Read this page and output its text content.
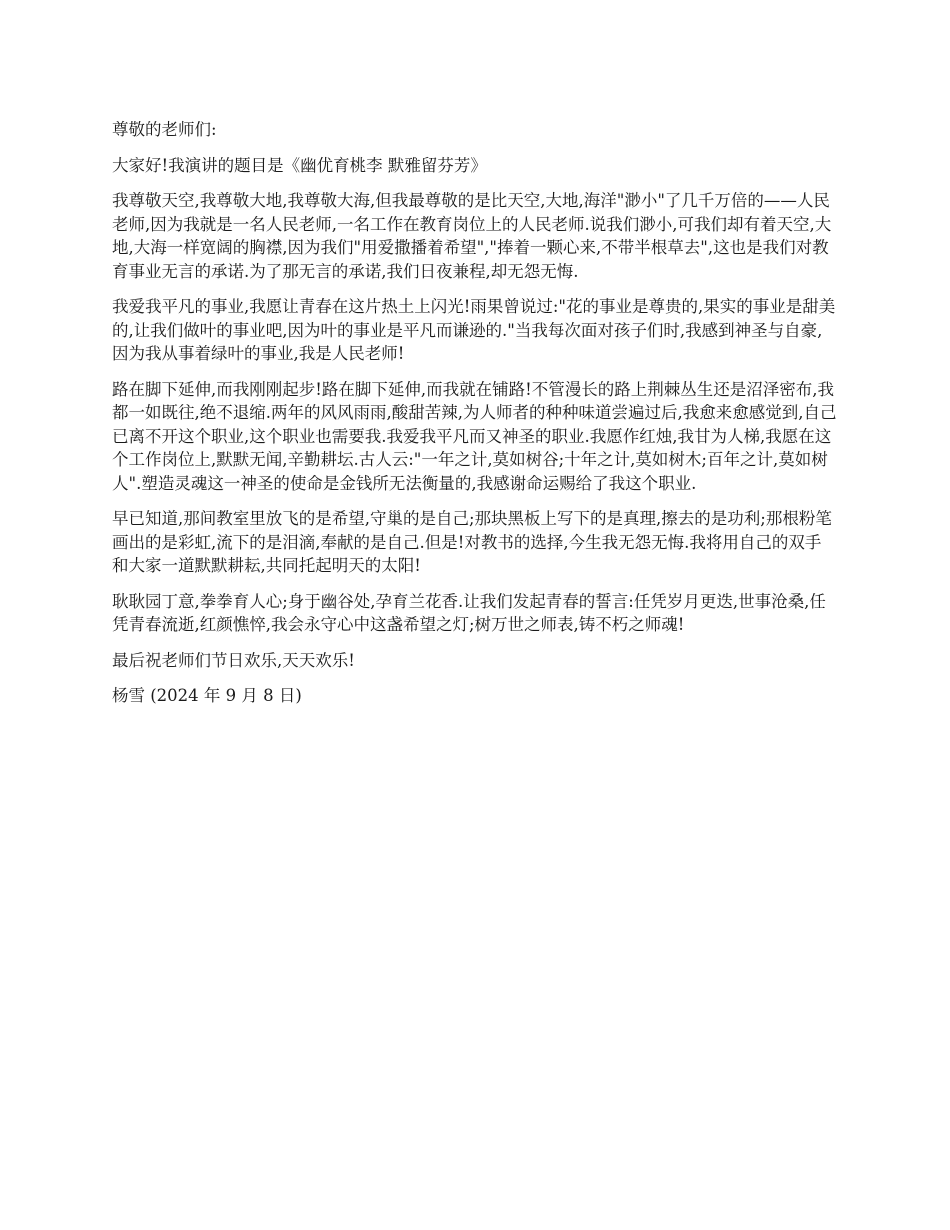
尊敬的老师们:

大家好!我演讲的题目是《幽优育桃李 默雅留芬芳》

我尊敬天空,我尊敬大地,我尊敬大海,但我最尊敬的是比天空,大地,海洋"渺小"了几千万倍的——人民老师,因为我就是一名人民老师,一名工作在教育岗位上的人民老师.说我们渺小,可我们却有着天空,大地,大海一样宽阔的胸襟,因为我们"用爱撒播着希望","捧着一颗心来,不带半根草去",这也是我们对教育事业无言的承诺.为了那无言的承诺,我们日夜兼程,却无怨无悔.

我爱我平凡的事业,我愿让青春在这片热土上闪光!雨果曾说过:"花的事业是尊贵的,果实的事业是甜美的,让我们做叶的事业吧,因为叶的事业是平凡而谦逊的."当我每次面对孩子们时,我感到神圣与自豪,因为我从事着绿叶的事业,我是人民老师!

路在脚下延伸,而我刚刚起步!路在脚下延伸,而我就在铺路!不管漫长的路上荆棘丛生还是沼泽密布,我都一如既往,绝不退缩.两年的风风雨雨,酸甜苦辣,为人师者的种种味道尝遍过后,我愈来愈感觉到,自己已离不开这个职业,这个职业也需要我.我爱我平凡而又神圣的职业.我愿作红烛,我甘为人梯,我愿在这个工作岗位上,默默无闻,辛勤耕坛.古人云:"一年之计,莫如树谷;十年之计,莫如树木;百年之计,莫如树人".塑造灵魂这一神圣的使命是金钱所无法衡量的,我感谢命运赐给了我这个职业.

早已知道,那间教室里放飞的是希望,守巢的是自己;那块黑板上写下的是真理,擦去的是功利;那根粉笔画出的是彩虹,流下的是泪滴,奉献的是自己.但是!对教书的选择,今生我无怨无悔.我将用自己的双手和大家一道默默耕耘,共同托起明天的太阳!

耿耿园丁意,拳拳育人心;身于幽谷处,孕育兰花香.让我们发起青春的誓言:任凭岁月更迭,世事沧桑,任凭青春流逝,红颜憔悴,我会永守心中这盏希望之灯;树万世之师表,铸不朽之师魂!

最后祝老师们节日欢乐,天天欢乐!

杨雪 (2024 年 9 月 8 日)
